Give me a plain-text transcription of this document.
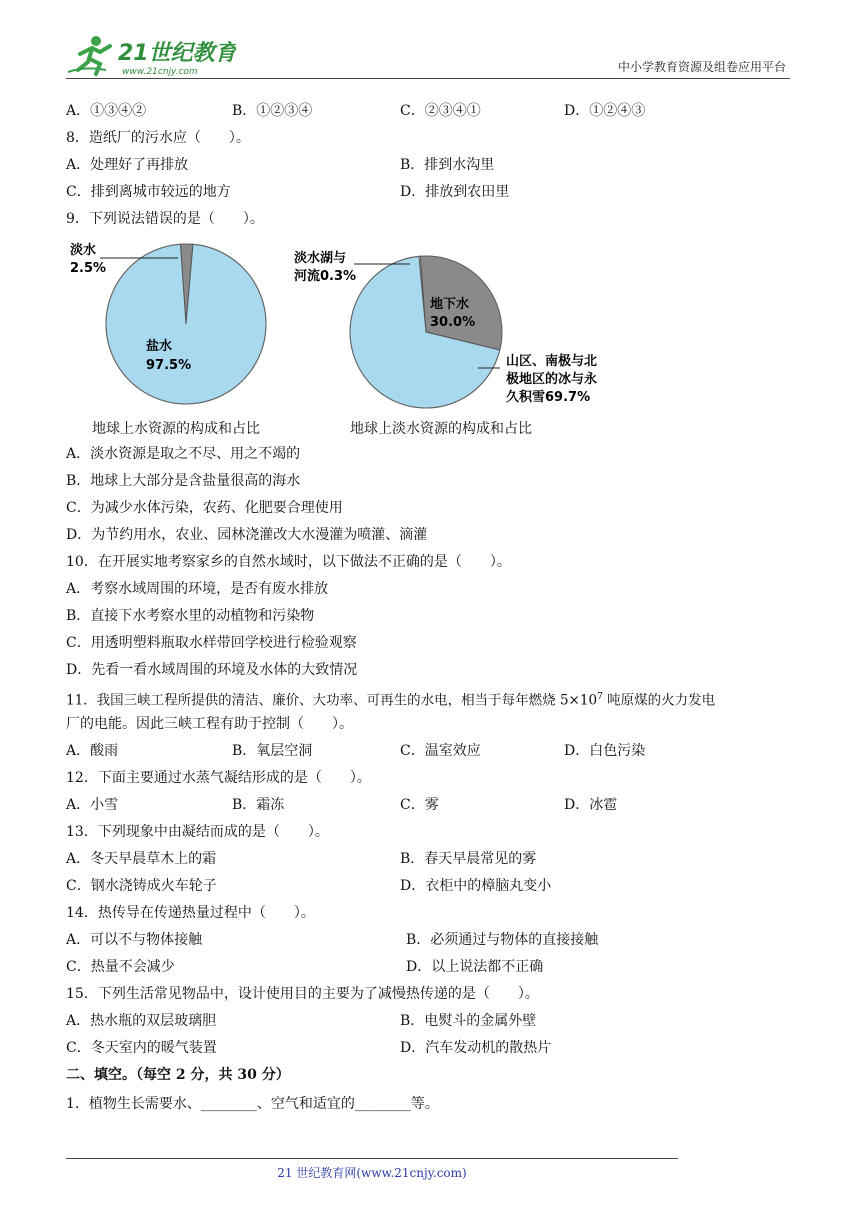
21世纪教育
www.21cnjy.com	中小学教育资源及组卷应用平台
A．①③④②	B．①②③④	C．②③④①	D．①②④③
8．造纸厂的污水应（　　）。
A．处理好了再排放	B．排到水沟里
C．排到离城市较远的地方	D．排放到农田里
9．下列说法错误的是（　　）。
淡水
2.5%
盐水
97.5%
淡水湖与
河流0.3%
地下水
30.0%
山区、南极与北
极地区的冰与永
久积雪69.7%
地球上水资源的构成和占比	地球上淡水资源的构成和占比
A．淡水资源是取之不尽、用之不竭的
B．地球上大部分是含盐量很高的海水
C．为减少水体污染，农药、化肥要合理使用
D．为节约用水，农业、园林浇灌改大水漫灌为喷灌、滴灌
10．在开展实地考察家乡的自然水域时，以下做法不正确的是（　　）。
A．考察水域周围的环境，是否有废水排放
B．直接下水考察水里的动植物和污染物
C．用透明塑料瓶取水样带回学校进行检验观察
D．先看一看水域周围的环境及水体的大致情况
11．我国三峡工程所提供的清洁、廉价、大功率、可再生的水电，相当于每年燃烧 $5\times 10^7$ 吨原煤的火力发电
厂的电能。因此三峡工程有助于控制（　　）。
A．酸雨	B．氧层空洞	C．温室效应	D．白色污染
12．下面主要通过水蒸气凝结形成的是（　　）。
A．小雪	B．霜冻	C．雾	D．冰雹
13．下列现象中由凝结而成的是（　　）。
A．冬天早晨草木上的霜	B．春天早晨常见的雾
C．钢水浇铸成火车轮子	D．衣柜中的樟脑丸变小
14．热传导在传递热量过程中（　　）。
A．可以不与物体接触	B．必须通过与物体的直接接触
C．热量不会减少	D．以上说法都不正确
15．下列生活常见物品中，设计使用目的主要为了减慢热传递的是（　　）。
A．热水瓶的双层玻璃胆	B．电熨斗的金属外壁
C．冬天室内的暖气装置	D．汽车发动机的散热片
二、填空。（每空 2 分，共 30 分）
1．植物生长需要水、________、空气和适宜的________等。
21 世纪教育网(www.21cnjy.com)
